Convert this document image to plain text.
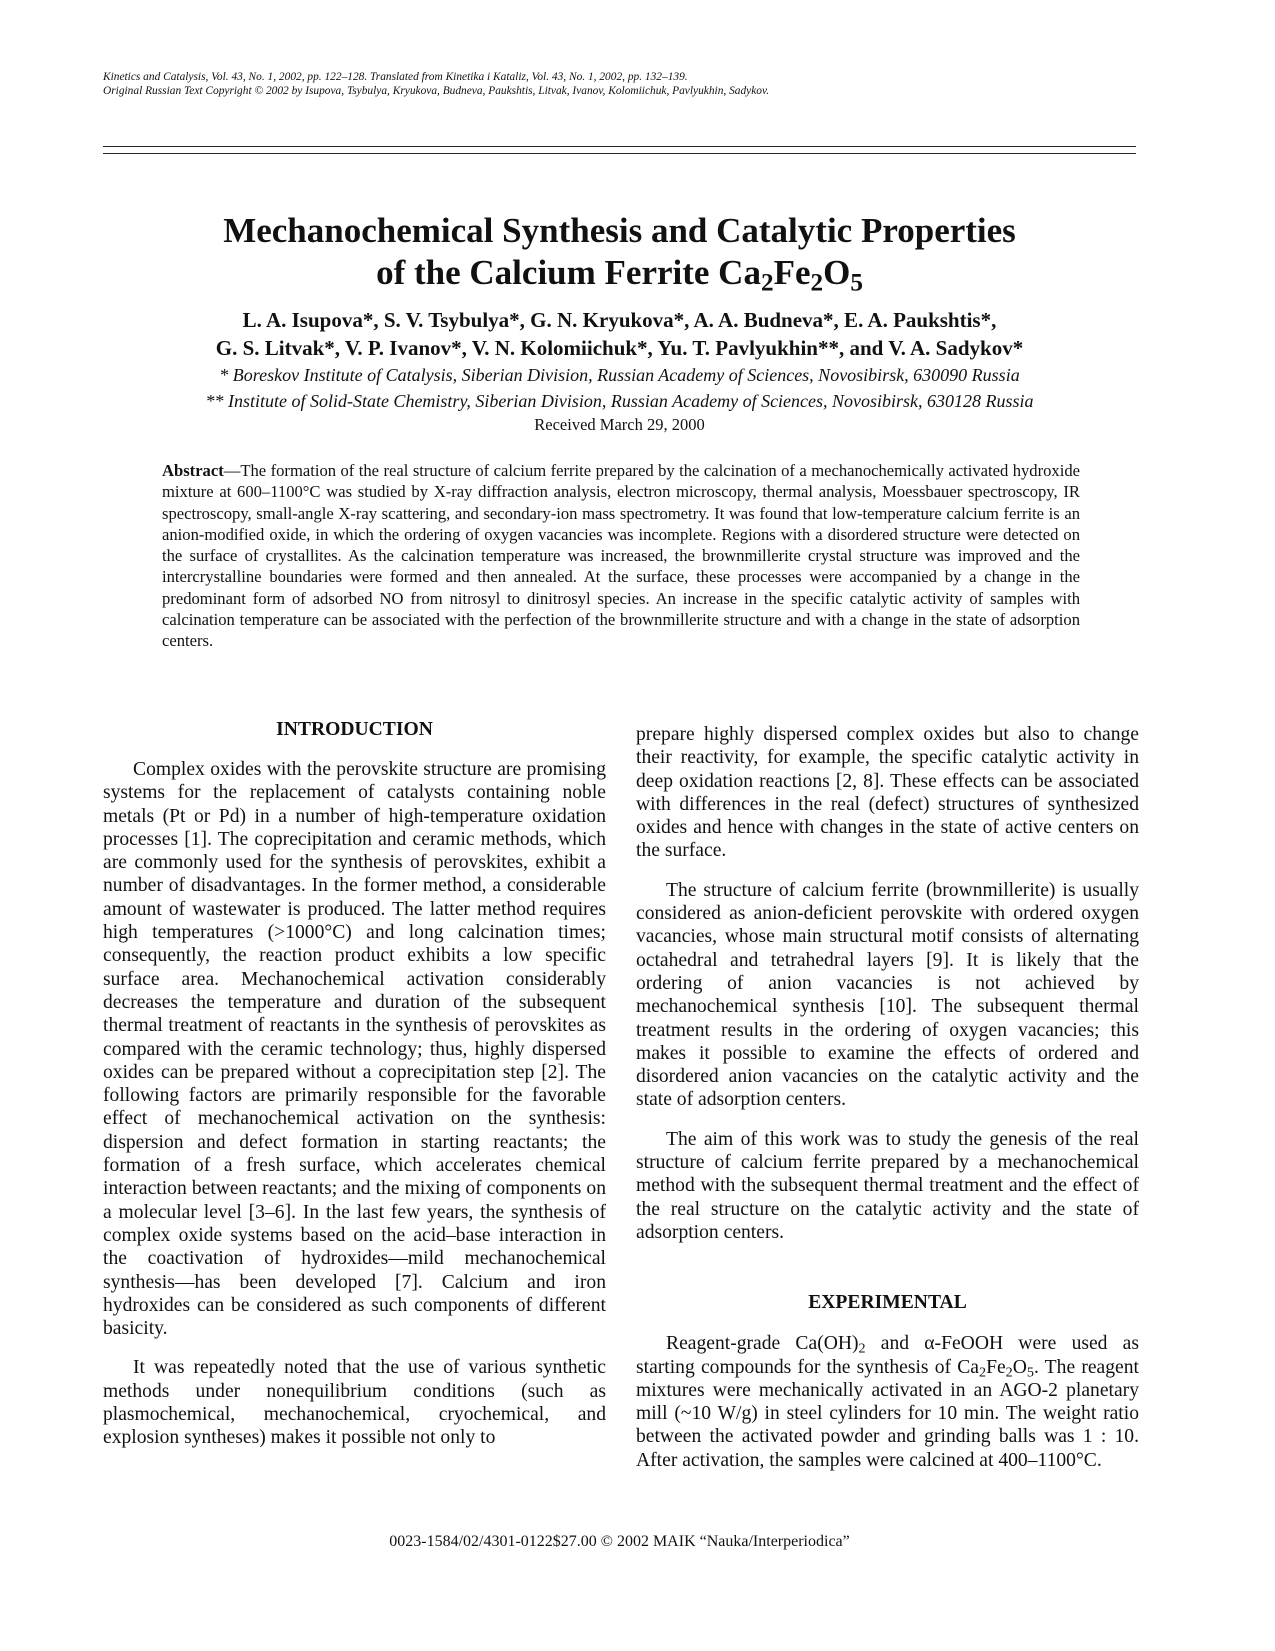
Kinetics and Catalysis, Vol. 43, No. 1, 2002, pp. 122–128. Translated from Kinetika i Kataliz, Vol. 43, No. 1, 2002, pp. 132–139.
Original Russian Text Copyright © 2002 by Isupova, Tsybulya, Kryukova, Budneva, Paukshtis, Litvak, Ivanov, Kolomiichuk, Pavlyukhin, Sadykov.
Mechanochemical Synthesis and Catalytic Properties
of the Calcium Ferrite $Ca_2Fe_2O_5$
L. A. Isupova*, S. V. Tsybulya*, G. N. Kryukova*, A. A. Budneva*, E. A. Paukshtis*,
G. S. Litvak*, V. P. Ivanov*, V. N. Kolomiichuk*, Yu. T. Pavlyukhin**, and V. A. Sadykov*
* Boreskov Institute of Catalysis, Siberian Division, Russian Academy of Sciences, Novosibirsk, 630090 Russia
** Institute of Solid-State Chemistry, Siberian Division, Russian Academy of Sciences, Novosibirsk, 630128 Russia
Received March 29, 2000
Abstract—The formation of the real structure of calcium ferrite prepared by the calcination of a mechanochemically activated hydroxide mixture at 600–1100°C was studied by X-ray diffraction analysis, electron microscopy, thermal analysis, Moessbauer spectroscopy, IR spectroscopy, small-angle X-ray scattering, and secondary-ion mass spectrometry. It was found that low-temperature calcium ferrite is an anion-modified oxide, in which the ordering of oxygen vacancies was incomplete. Regions with a disordered structure were detected on the surface of crystallites. As the calcination temperature was increased, the brownmillerite crystal structure was improved and the intercrystalline boundaries were formed and then annealed. At the surface, these processes were accompanied by a change in the predominant form of adsorbed NO from nitrosyl to dinitrosyl species. An increase in the specific catalytic activity of samples with calcination temperature can be associated with the perfection of the brownmillerite structure and with a change in the state of adsorption centers.
INTRODUCTION

Complex oxides with the perovskite structure are promising systems for the replacement of catalysts containing noble metals (Pt or Pd) in a number of high-temperature oxidation processes [1]. The coprecipitation and ceramic methods, which are commonly used for the synthesis of perovskites, exhibit a number of disadvantages. In the former method, a considerable amount of wastewater is produced. The latter method requires high temperatures (>1000°C) and long calcination times; consequently, the reaction product exhibits a low specific surface area. Mechanochemical activation considerably decreases the temperature and duration of the subsequent thermal treatment of reactants in the synthesis of perovskites as compared with the ceramic technology; thus, highly dispersed oxides can be prepared without a coprecipitation step [2]. The following factors are primarily responsible for the favorable effect of mechanochemical activation on the synthesis: dispersion and defect formation in starting reactants; the formation of a fresh surface, which accelerates chemical interaction between reactants; and the mixing of components on a molecular level [3–6]. In the last few years, the synthesis of complex oxide systems based on the acid–base interaction in the coactivation of hydroxides—mild mechanochemical synthesis—has been developed [7]. Calcium and iron hydroxides can be considered as such components of different basicity.

It was repeatedly noted that the use of various synthetic methods under nonequilibrium conditions (such as plasmochemical, mechanochemical, cryochemical, and explosion syntheses) makes it possible not only to

prepare highly dispersed complex oxides but also to change their reactivity, for example, the specific catalytic activity in deep oxidation reactions [2, 8]. These effects can be associated with differences in the real (defect) structures of synthesized oxides and hence with changes in the state of active centers on the surface.

The structure of calcium ferrite (brownmillerite) is usually considered as anion-deficient perovskite with ordered oxygen vacancies, whose main structural motif consists of alternating octahedral and tetrahedral layers [9]. It is likely that the ordering of anion vacancies is not achieved by mechanochemical synthesis [10]. The subsequent thermal treatment results in the ordering of oxygen vacancies; this makes it possible to examine the effects of ordered and disordered anion vacancies on the catalytic activity and the state of adsorption centers.

The aim of this work was to study the genesis of the real structure of calcium ferrite prepared by a mechanochemical method with the subsequent thermal treatment and the effect of the real structure on the catalytic activity and the state of adsorption centers.

EXPERIMENTAL

Reagent-grade $Ca(OH)_2$ and α-FeOOH were used as starting compounds for the synthesis of $Ca_2Fe_2O_5$. The reagent mixtures were mechanically activated in an AGO-2 planetary mill (~10 W/g) in steel cylinders for 10 min. The weight ratio between the activated powder and grinding balls was 1 : 10. After activation, the samples were calcined at 400–1100°C.

0023-1584/02/4301-0122$27.00 © 2002 MAIK “Nauka/Interperiodica”
